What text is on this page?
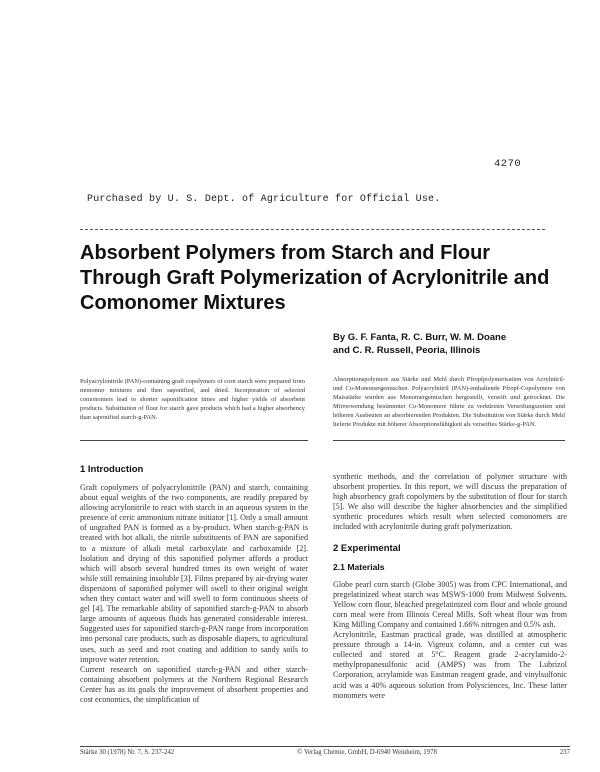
4270
Purchased by U. S. Dept. of Agriculture for Official Use.
Absorbent Polymers from Starch and Flour Through Graft Polymerization of Acrylonitrile and Comonomer Mixtures
By G. F. Fanta, R. C. Burr, W. M. Doane
and C. R. Russell, Peoria, Illinois

Polyacrylonitrile (PAN)-containing graft copolymers of corn starch were prepared from monomer mixtures and then saponified, and dried. Incorporation of selected comonomers lead to shorter saponification times and higher yields of absorbent products. Substitution of flour for starch gave products which had a higher absorbency than saponified starch-g-PAN.

Absorptionspolymere aus Stärke und Mehl durch Pfropfpolymerisation von Acrylnitril- und Co-Monomergemischen. Polyacrylnitril (PAN)-enthaltende Pfropf-Copolymere von Maisstärke wurden aus Monomergemischen hergestellt, verseift und getrocknet. Die Mitverwendung bestimmter Co-Monomere führte zu verkürzten Verseifungszeiten und höheren Ausbeuten an absorbierenden Produkten. Die Substitution von Stärke durch Mehl lieferte Produkte mit höherer Absorptionsfähigkeit als verseiftes Stärke-g-PAN.

1 Introduction
Graft copolymers of polyacrylonitrile (PAN) and starch, containing about equal weights of the two components, are readily prepared by allowing acrylonitrile to react with starch in an aqueous system in the presence of ceric ammonium nitrate initiator [1]. Only a small amount of ungrafted PAN is formed as a by-product. When starch-g-PAN is treated with hot alkali, the nitrile substituents of PAN are saponified to a mixture of alkali metal carboxylate and carboxamide [2]. Isolation and drying of this saponified polymer affords a product which will absorb several hundred times its own weight of water while still remaining insoluble [3]. Films prepared by air-drying water dispersions of saponified polymer will swell to their original weight when they contact water and will swell to form continuous sheets of gel [4]. The remarkable ability of saponified starch-g-PAN to absorb large amounts of aqueous fluids has generated considerable interest. Suggested uses for saponified starch-g-PAN range from incorporation into personal care products, such as disposable diapers, to agricultural uses, such as seed and root coating and addition to sandy soils to improve water retention.
Current research on saponified starch-g-PAN and other starch-containing absorbent polymers at the Northern Regional Research Center has as its goals the improvement of absorbent properties and cost economics, the simplification of
synthetic methods, and the correlation of polymer structure with absorbent properties. In this report, we will discuss the preparation of high absorbency graft copolymers by the substitution of flour for starch [5]. We also will describe the higher absorbencies and the simplified synthetic procedures which result when selected comonomers are included with acrylonitrile during graft polymerization.
2 Experimental
2.1 Materials
Globe pearl corn starch (Globe 3005) was from CPC International, and pregelatinized wheat starch was MSWS-1000 from Midwest Solvents. Yellow corn flour, bleached pregelatinized corn flour and whole ground corn meal were from Illinois Cereal Mills. Soft wheat flour was from King Milling Company and contained 1.66% nitrogen and 0.5% ash.
Acrylonitrile, Eastman practical grade, was distilled at atmospheric pressure through a 14-in. Vigreux column, and a center cut was collected and stored at 5°C. Reagent grade 2-acrylamido-2-methylpropanesulfonic acid (AMPS) was from The Lubrizol Corporation, acrylamide was Eastman reagent grade, and vinylsulfonic acid was a 40% aqueous solution from Polysciences, Inc. These latter monomers were
Stärke 30 (1978) Nr. 7, S. 237-242	© Verlag Chemie, GmbH, D-6940 Weinheim, 1978	237
